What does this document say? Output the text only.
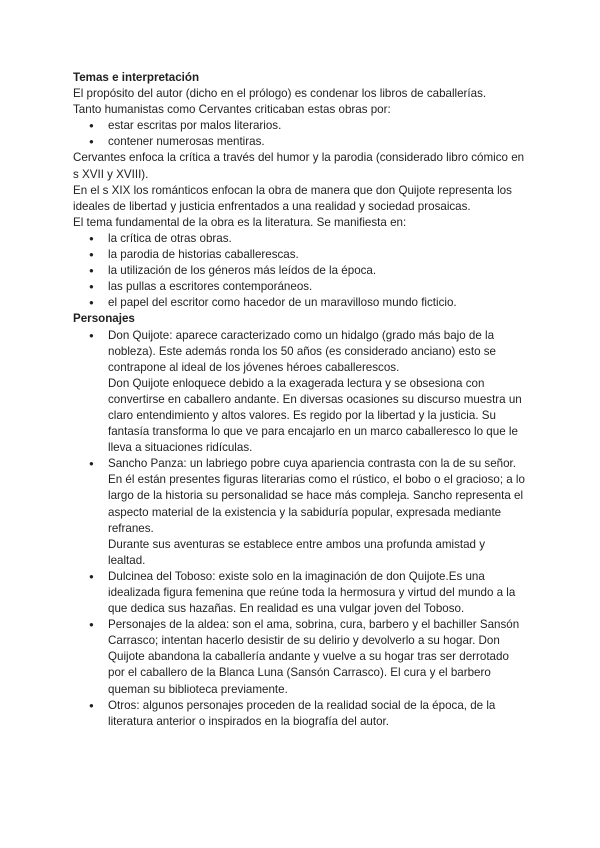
Temas e interpretación

El propósito del autor (dicho en el prólogo) es condenar los libros de caballerías.

Tanto humanistas como Cervantes criticaban estas obras por:

● estar escritas por malos literarios.
● contener numerosas mentiras.

Cervantes enfoca la crítica a través del humor y la parodia (considerado libro cómico en s XVII y XVIII).

En el s XIX los románticos enfocan la obra de manera que don Quijote representa los ideales de libertad y justicia enfrentados a una realidad y sociedad prosaicas.

El tema fundamental de la obra es la literatura. Se manifiesta en:

● la crítica de otras obras.
● la parodia de historias caballerescas.
● la utilización de los géneros más leídos de la época.
● las pullas a escritores contemporáneos.
● el papel del escritor como hacedor de un maravilloso mundo ficticio.

Personajes

● Don Quijote: aparece caracterizado como un hidalgo (grado más bajo de la nobleza). Este además ronda los 50 años (es considerado anciano) esto se contrapone al ideal de los jóvenes héroes caballerescos.
Don Quijote enloquece debido a la exagerada lectura y se obsesiona con convertirse en caballero andante. En diversas ocasiones su discurso muestra un claro entendimiento y altos valores. Es regido por la libertad y la justicia. Su fantasía transforma lo que ve para encajarlo en un marco caballeresco lo que le lleva a situaciones ridículas.
● Sancho Panza: un labriego pobre cuya apariencia contrasta con la de su señor. En él están presentes figuras literarias como el rústico, el bobo o el gracioso; a lo largo de la historia su personalidad se hace más compleja. Sancho representa el aspecto material de la existencia y la sabiduría popular, expresada mediante refranes.
Durante sus aventuras se establece entre ambos una profunda amistad y lealtad.
● Dulcinea del Toboso: existe solo en la imaginación de don Quijote.Es una idealizada figura femenina que reúne toda la hermosura y virtud del mundo a la que dedica sus hazañas. En realidad es una vulgar joven del Toboso.
● Personajes de la aldea: son el ama, sobrina, cura, barbero y el bachiller Sansón Carrasco; intentan hacerlo desistir de su delirio y devolverlo a su hogar. Don Quijote abandona la caballería andante y vuelve a su hogar tras ser derrotado por el caballero de la Blanca Luna (Sansón Carrasco). El cura y el barbero queman su biblioteca previamente.
● Otros: algunos personajes proceden de la realidad social de la época, de la literatura anterior o inspirados en la biografía del autor.
